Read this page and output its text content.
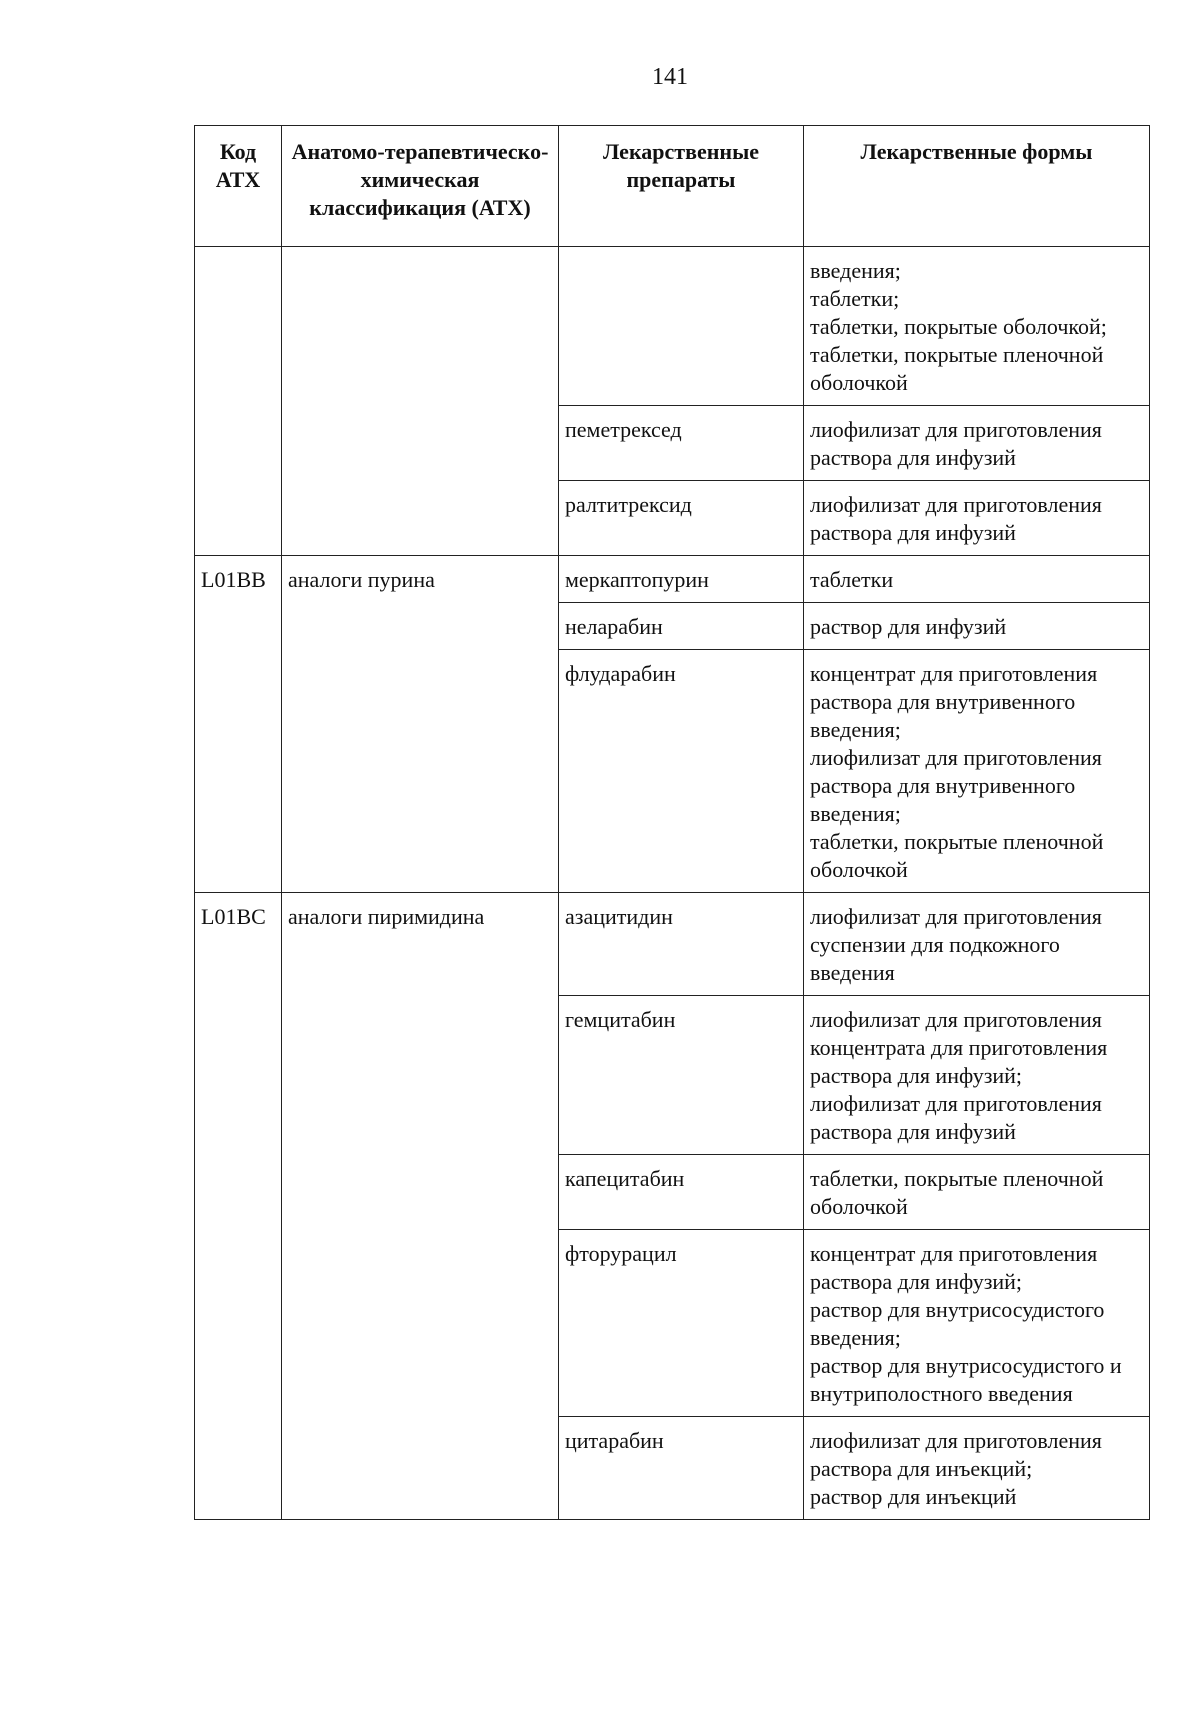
141
Код АТХ	Анатомо-терапевтическо-химическая классификация (АТХ)	Лекарственные препараты	Лекарственные формы
			введения;
таблетки;
таблетки, покрытые оболочкой;
таблетки, покрытые пленочной оболочкой
		пеметрексед	лиофилизат для приготовления раствора для инфузий
		ралтитрексид	лиофилизат для приготовления раствора для инфузий
L01BB	аналоги пурина	меркаптопурин	таблетки
		неларабин	раствор для инфузий
		флударабин	концентрат для приготовления раствора для внутривенного введения;
лиофилизат для приготовления раствора для внутривенного введения;
таблетки, покрытые пленочной оболочкой
L01BC	аналоги пиримидина	азацитидин	лиофилизат для приготовления суспензии для подкожного введения
		гемцитабин	лиофилизат для приготовления концентрата для приготовления раствора для инфузий;
лиофилизат для приготовления раствора для инфузий
		капецитабин	таблетки, покрытые пленочной оболочкой
		фторурацил	концентрат для приготовления раствора для инфузий;
раствор для внутрисосудистого введения;
раствор для внутрисосудистого и внутриполостного введения
		цитарабин	лиофилизат для приготовления раствора для инъекций;
раствор для инъекций
